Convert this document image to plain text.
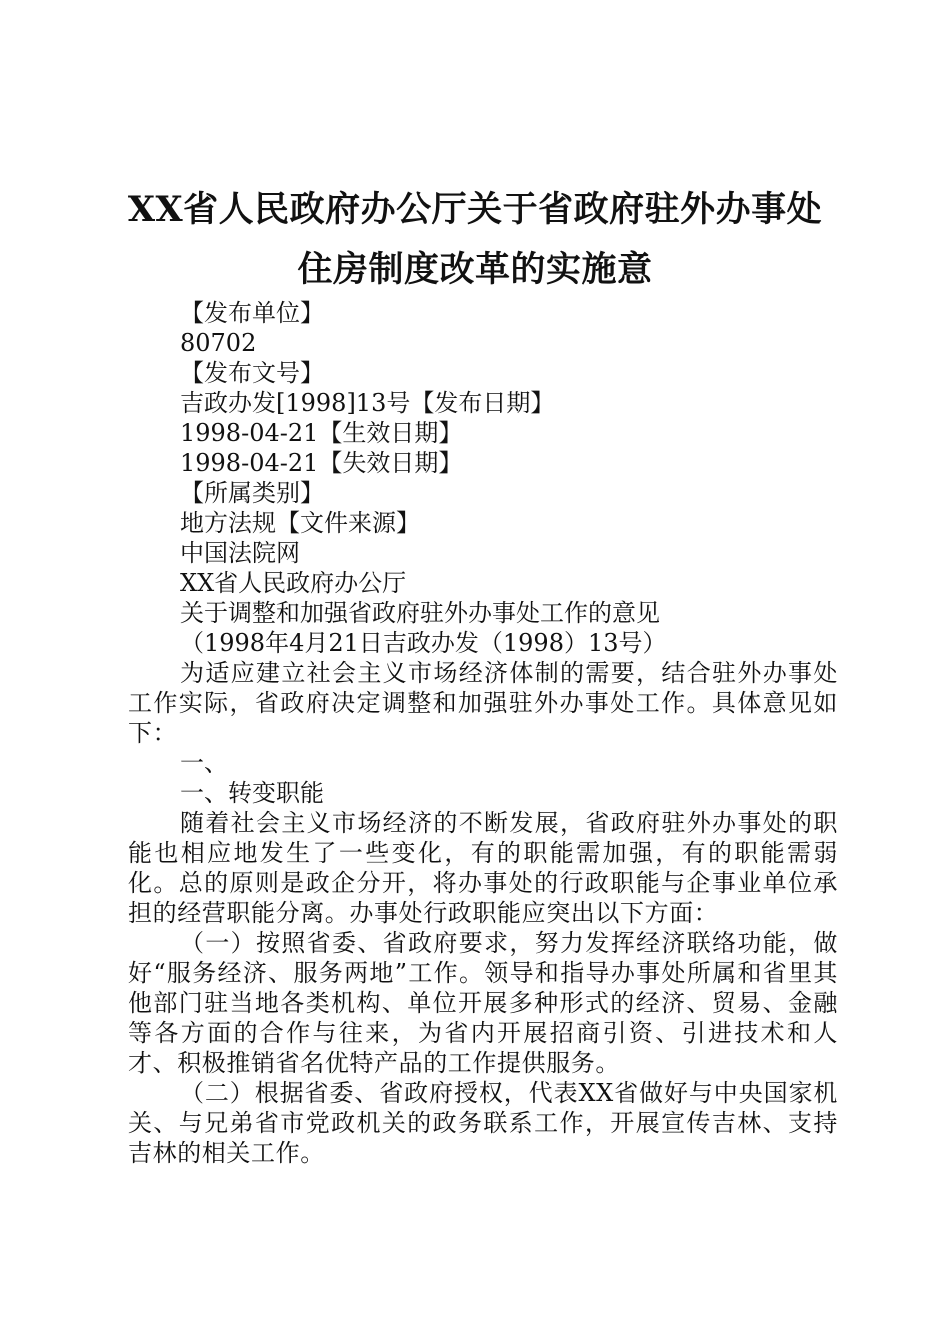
XX省人民政府办公厅关于省政府驻外办事处
住房制度改革的实施意

【发布单位】

80702

【发布文号】

吉政办发[1998]13号【发布日期】

1998-04-21【生效日期】

1998-04-21【失效日期】

【所属类别】

地方法规【文件来源】

中国法院网

XX省人民政府办公厅

关于调整和加强省政府驻外办事处工作的意见

（1998年4月21日吉政办发（1998）13号）

为适应建立社会主义市场经济体制的需要，结合驻外办事处工作实际，省政府决定调整和加强驻外办事处工作。具体意见如下：

一、

一、转变职能

随着社会主义市场经济的不断发展，省政府驻外办事处的职能也相应地发生了一些变化，有的职能需加强，有的职能需弱化。总的原则是政企分开，将办事处的行政职能与企事业单位承担的经营职能分离。办事处行政职能应突出以下方面：

（一）按照省委、省政府要求，努力发挥经济联络功能，做好“服务经济、服务两地”工作。领导和指导办事处所属和省里其他部门驻当地各类机构、单位开展多种形式的经济、贸易、金融等各方面的合作与往来，为省内开展招商引资、引进技术和人才、积极推销省名优特产品的工作提供服务。

（二）根据省委、省政府授权，代表XX省做好与中央国家机关、与兄弟省市党政机关的政务联系工作，开展宣传吉林、支持吉林的相关工作。
